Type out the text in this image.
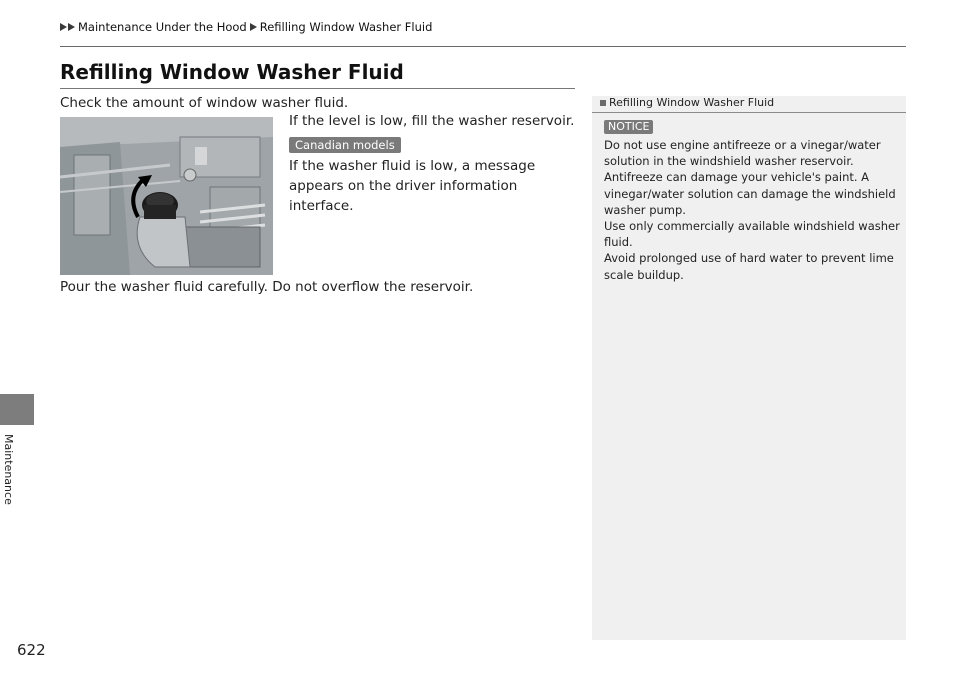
Maintenance Under the Hood Refilling Window Washer Fluid
Maintenance
622
Refilling Window Washer Fluid
Check the amount of window washer fluid.
If the level is low, fill the washer reservoir.
Canadian models
If the washer fluid is low, a message appears on the driver information interface.
Pour the washer fluid carefully. Do not overflow the reservoir.
Refilling Window Washer Fluid
NOTICE
Do not use engine antifreeze or a vinegar/water
solution in the windshield washer reservoir.
Antifreeze can damage your vehicle's paint. A
vinegar/water solution can damage the windshield
washer pump.
Use only commercially available windshield washer
fluid.
Avoid prolonged use of hard water to prevent lime
scale buildup.
